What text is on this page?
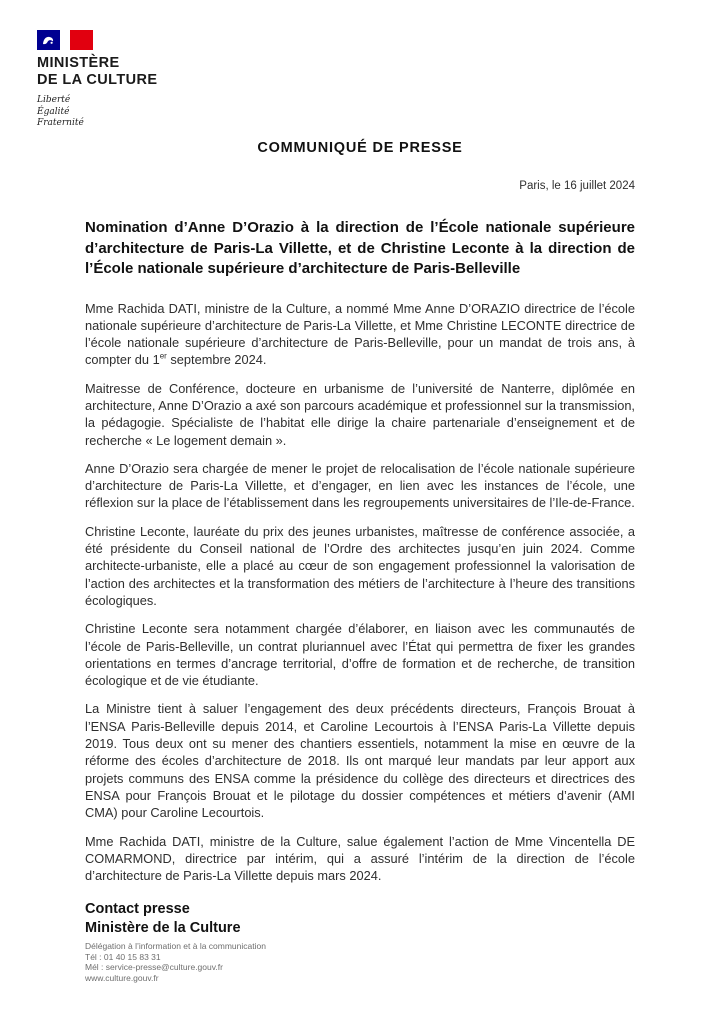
MINISTÈRE
DE LA CULTURE
Liberté
Égalité
Fraternité

COMMUNIQUÉ DE PRESSE

Paris, le 16 juillet 2024

Nomination d’Anne D’Orazio à la direction de l’École nationale supérieure d’architecture de Paris-La Villette, et de Christine Leconte à la direction de l’École nationale supérieure d’architecture de Paris-Belleville

Mme Rachida DATI, ministre de la Culture, a nommé Mme Anne D’ORAZIO directrice de l’école nationale supérieure d’architecture de Paris-La Villette, et Mme Christine LECONTE directrice de l’école nationale supérieure d’architecture de Paris-Belleville, pour un mandat de trois ans, à compter du 1er septembre 2024.

Maitresse de Conférence, docteure en urbanisme de l’université de Nanterre, diplômée en architecture, Anne D’Orazio a axé son parcours académique et professionnel sur la transmission, la pédagogie. Spécialiste de l’habitat elle dirige la chaire partenariale d’enseignement et de recherche « Le logement demain ».

Anne D’Orazio sera chargée de mener le projet de relocalisation de l’école nationale supérieure d’architecture de Paris-La Villette, et d’engager, en lien avec les instances de l’école, une réflexion sur la place de l’établissement dans les regroupements universitaires de l’Ile-de-France.

Christine Leconte, lauréate du prix des jeunes urbanistes, maîtresse de conférence associée, a été présidente du Conseil national de l’Ordre des architectes jusqu’en juin 2024. Comme architecte-urbaniste, elle a placé au cœur de son engagement professionnel la valorisation de l’action des architectes et la transformation des métiers de l’architecture à l’heure des transitions écologiques.

Christine Leconte sera notamment chargée d’élaborer, en liaison avec les communautés de l’école de Paris-Belleville, un contrat pluriannuel avec l’État qui permettra de fixer les grandes orientations en termes d’ancrage territorial, d’offre de formation et de recherche, de transition écologique et de vie étudiante.

La Ministre tient à saluer l’engagement des deux précédents directeurs, François Brouat à l’ENSA Paris-Belleville depuis 2014, et Caroline Lecourtois à l’ENSA Paris-La Villette depuis 2019. Tous deux ont su mener des chantiers essentiels, notamment la mise en œuvre de la réforme des écoles d’architecture de 2018. Ils ont marqué leur mandats par leur apport aux projets communs des ENSA comme la présidence du collège des directeurs et directrices des ENSA pour François Brouat et le pilotage du dossier compétences et métiers d’avenir (AMI CMA) pour Caroline Lecourtois.

Mme Rachida DATI, ministre de la Culture, salue également l’action de Mme Vincentella DE COMARMOND, directrice par intérim, qui a assuré l’intérim de la direction de l’école d’architecture de Paris-La Villette depuis mars 2024.

Contact presse

Ministère de la Culture

Délégation à l’information et à la communication
Tél : 01 40 15 83 31
Mél : service-presse@culture.gouv.fr
www.culture.gouv.fr
